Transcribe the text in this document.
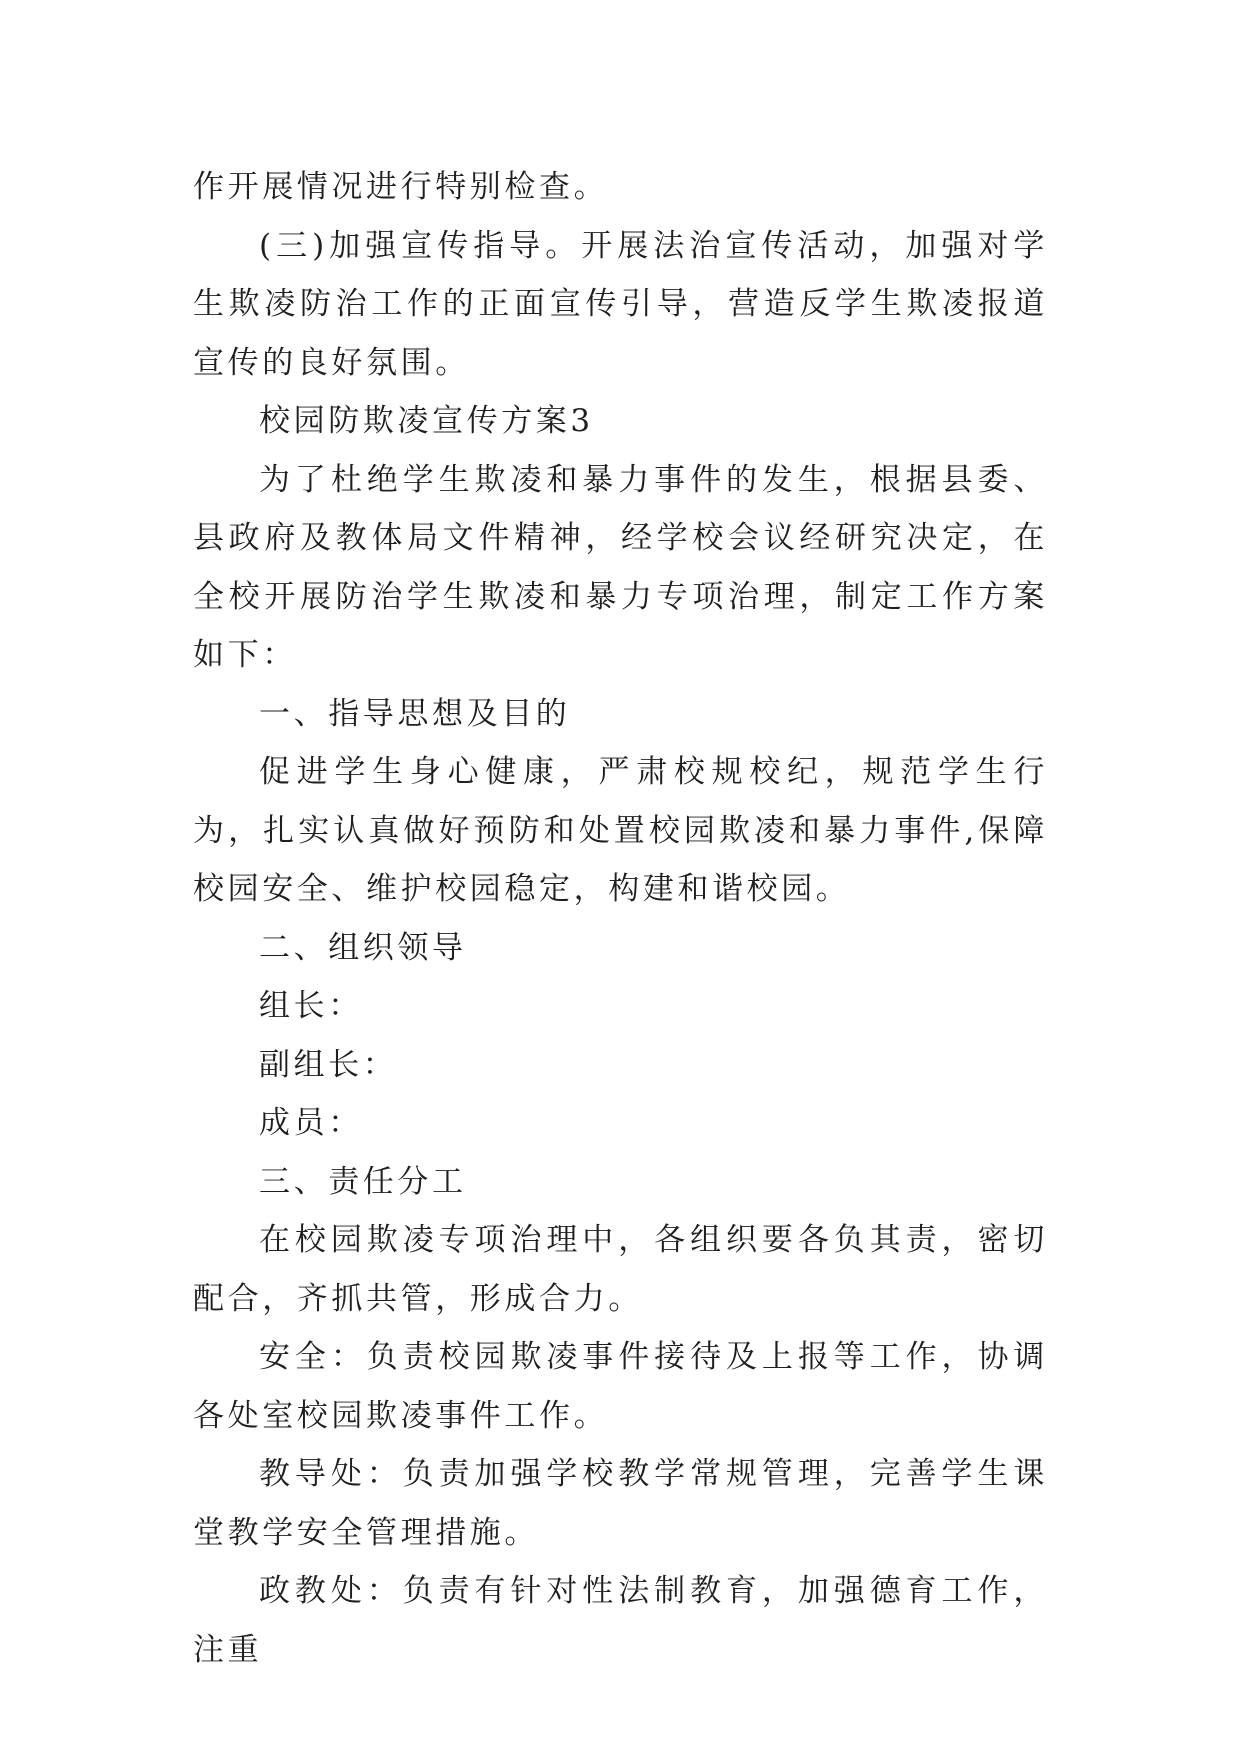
作开展情况进行特别检查。

(三)加强宣传指导。开展法治宣传活动，加强对学生欺凌防治工作的正面宣传引导，营造反学生欺凌报道宣传的良好氛围。

校园防欺凌宣传方案3

为了杜绝学生欺凌和暴力事件的发生，根据县委、县政府及教体局文件精神，经学校会议经研究决定，在全校开展防治学生欺凌和暴力专项治理，制定工作方案如下：

一、指导思想及目的

促进学生身心健康，严肃校规校纪，规范学生行为，扎实认真做好预防和处置校园欺凌和暴力事件,保障校园安全、维护校园稳定，构建和谐校园。

二、组织领导

组长：

副组长：

成员：

三、责任分工

在校园欺凌专项治理中，各组织要各负其责，密切配合，齐抓共管，形成合力。

安全：负责校园欺凌事件接待及上报等工作，协调各处室校园欺凌事件工作。

教导处：负责加强学校教学常规管理，完善学生课堂教学安全管理措施。

政教处：负责有针对性法制教育，加强德育工作，注重
